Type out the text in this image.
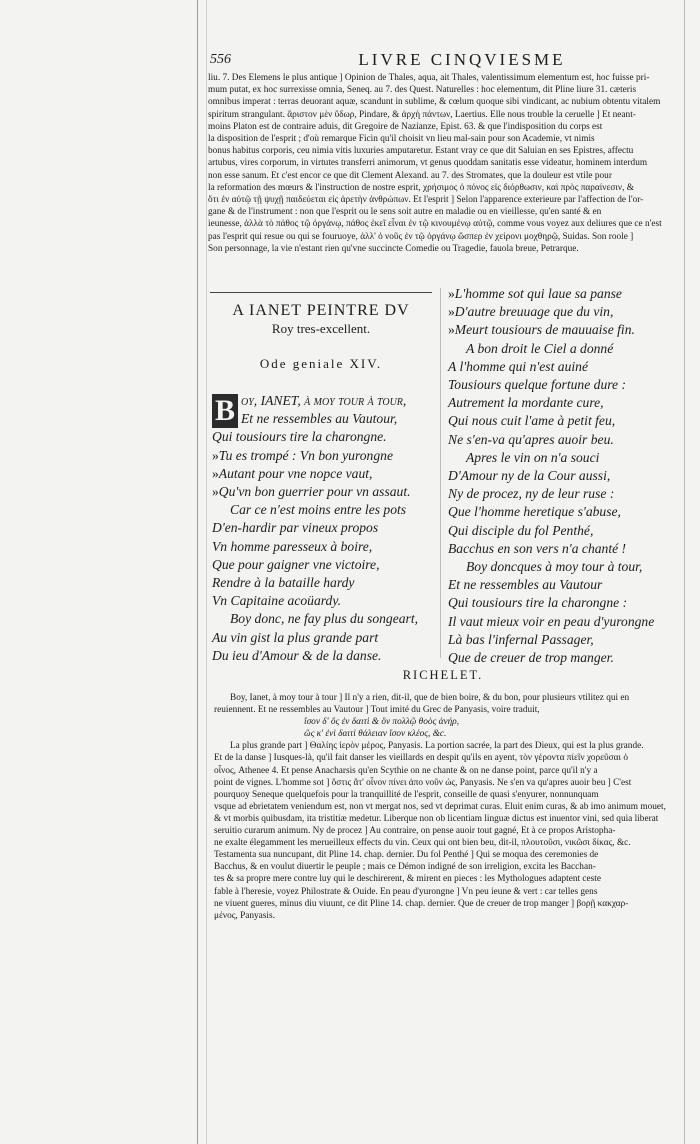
556	LIVRE CINQVIESME
liu. 7. Des Elemens le plus antique ] Opinion de Thales, aqua, ait Thales, valentissimum elementum est, hoc fuisse pri-
mum putat, ex hoc surrexisse omnia, Seneq. au 7. des Quest. Naturelles : hoc elementum, dit Pline liure 31. cæteris
omnibus imperat : terras deuorant aquæ, scandunt in sublime, & cœlum quoque sibi vindicant, ac nubium obtentu vitalem
spiritum strangulant. ἄριστον μὲν ὕδωρ, Pindare, & ἀρχὴ πάντων, Laertius. Elle nous trouble la ceruelle ] Et neant-
moins Platon est de contraire aduis, dit Gregoire de Nazianze, Epist. 63. & que l'indisposition du corps est
la disposition de l'esprit ; d'où remarque Ficin qu'il choisit vn lieu mal-sain pour son Academie, vt nimis
bonus habitus corporis, ceu nimia vitis luxuries amputaretur. Estant vray ce que dit Saluian en ses Epistres, affectu
artubus, vires corporum, in virtutes transferri animorum, vt genus quoddam sanitatis esse videatur, hominem interdum
non esse sanum. Et c'est encor ce que dit Clement Alexand. au 7. des Stromates, que la douleur est vtile pour
la reformation des mœurs & l'instruction de nostre esprit, χρήσιμος ὁ πόνος εἰς διόρθωσιν, καὶ πρὸς παραίνεσιν, &
ὅτι ἐν αὐτῷ τῇ ψυχῇ παιδεύεται εἰς ἀρετὴν ἀνθρώπων. Et l'esprit ] Selon l'apparence exterieure par l'affection de l'or-
gane & de l'instrument : non que l'esprit ou le sens soit autre en maladie ou en vieillesse, qu'en santé & en
ieunesse, ἀλλὰ τὸ πάθος τῷ ὀργάνῳ, πάθος ἐκεῖ εἶναι ἐν τῷ κινουμένῳ αὐτῷ, comme vous voyez aux deliures que ce n'est
pas l'esprit qui resue ou qui se fouruoye, ἀλλ' ὁ νοῦς ἐν τῷ ὀργάνῳ ὥσπερ ἐν χείρονι μοχθηρῷ, Suidas. Son roole ]
Son personnage, la vie n'estant rien qu'vne succincte Comedie ou Tragedie, fauola breue, Petrarque.
A IANET PEINTRE DV
Roy tres-excellent.
Ode geniale XIV.
B oy, IANET, à moy tour à tour,
Et ne ressembles au Vautour,
Qui tousiours tire la charongne.
» Tu es trompé : Vn bon yurongne
» Autant pour vne nopce vaut,
» Qu'vn bon guerrier pour vn assaut.
Car ce n'est moins entre les pots
D'en-hardir par vineux propos
Vn homme paresseux à boire,
Que pour gaigner vne victoire,
Rendre à la bataille hardy
Vn Capitaine acoüardy.
Boy donc, ne fay plus du songeart,
Au vin gist la plus grande part
Du ieu d'Amour & de la danse.
» L'homme sot qui laue sa panse
» D'autre breuuage que du vin,
» Meurt tousiours de mauuaise fin.
A bon droit le Ciel a donné
A l'homme qui n'est auiné
Tousiours quelque fortune dure :
Autrement la mordante cure,
Qui nous cuit l'ame à petit feu,
Ne s'en-va qu'apres auoir beu.
Apres le vin on n'a souci
D'Amour ny de la Cour aussi,
Ny de procez, ny de leur ruse :
Que l'homme heretique s'abuse,
Qui disciple du fol Penthé,
Bacchus en son vers n'a chanté !
Boy doncques à moy tour à tour,
Et ne ressembles au Vautour
Qui tousiours tire la charongne :
Il vaut mieux voir en peau d'yurongne
Là bas l'infernal Passager,
Que de creuer de trop manger.
RICHELET.
Boy, Ianet, à moy tour à tour ] Il n'y a rien, dit-il, que de bien boire, & du bon, pour plusieurs vtilitez qui en
reuiennent. Et ne ressembles au Vautour ] Tout imité du Grec de Panyasis, voire traduit,
ἴσον δ' ὅς ἐν δαιτὶ & ὃν πολλῷ θοὸς ἀνήρ,
ὥς κ' ἐνὶ δαιτὶ θάλειαν ἴσον κλέος, &c.
La plus grande part ] Θαλίης ἱερὸν μέρος, Panyasis. La portion sacrée, la part des Dieux, qui est la plus grande.
Et de la danse ] Iusques-là, qu'il fait danser les vieillards en despit qu'ils en ayent, τὸν γέροντα πίεῖν χορεῦσαι ὁ
οἶνος, Athenee 4. Et pense Anacharsis qu'en Scythie on ne chante & on ne danse point, parce qu'il n'y a
point de vignes. L'homme sot ] ὅστις ἄτ' οἶνον πίνει ἀπο νοῦν ὡς, Panyasis. Ne s'en va qu'apres auoir beu ] C'est
pourquoy Seneque quelquefois pour la tranquillité de l'esprit, conseille de quasi s'enyurer, nonnunquam
vsque ad ebrietatem veniendum est, non vt mergat nos, sed vt deprimat curas. Eluit enim curas, & ab imo animum mouet,
& vt morbis quibusdam, ita tristitiæ medetur. Liberque non ob licentiam linguæ dictus est inuentor vini, sed quia liberat
seruitio curarum animum. Ny de procez ] Au contraire, on pense auoir tout gagné, Et à ce propos Aristopha-
ne exalte élegamment les merueilleux effects du vin. Ceux qui ont bien beu, dit-il, πλουτοῦσι, νικῶσι δίκας, &c.
Testamenta sua nuncupant, dit Pline 14. chap. dernier. Du fol Penthé ] Qui se moqua des ceremonies de
Bacchus, & en voulut diuertir le peuple ; mais ce Démon indigné de son irreligion, excita les Bacchan-
tes & sa propre mere contre luy qui le deschirerent, & mirent en pieces : les Mythologues adaptent ceste
fable à l'heresie, voyez Philostrate & Ouide. En peau d'yurongne ] Vn peu ieune & vert : car telles gens
ne viuent gueres, minus diu viuunt, ce dit Pline 14. chap. dernier. Que de creuer de trop manger ] βορῇ κακχαρ-
μένος, Panyasis.
